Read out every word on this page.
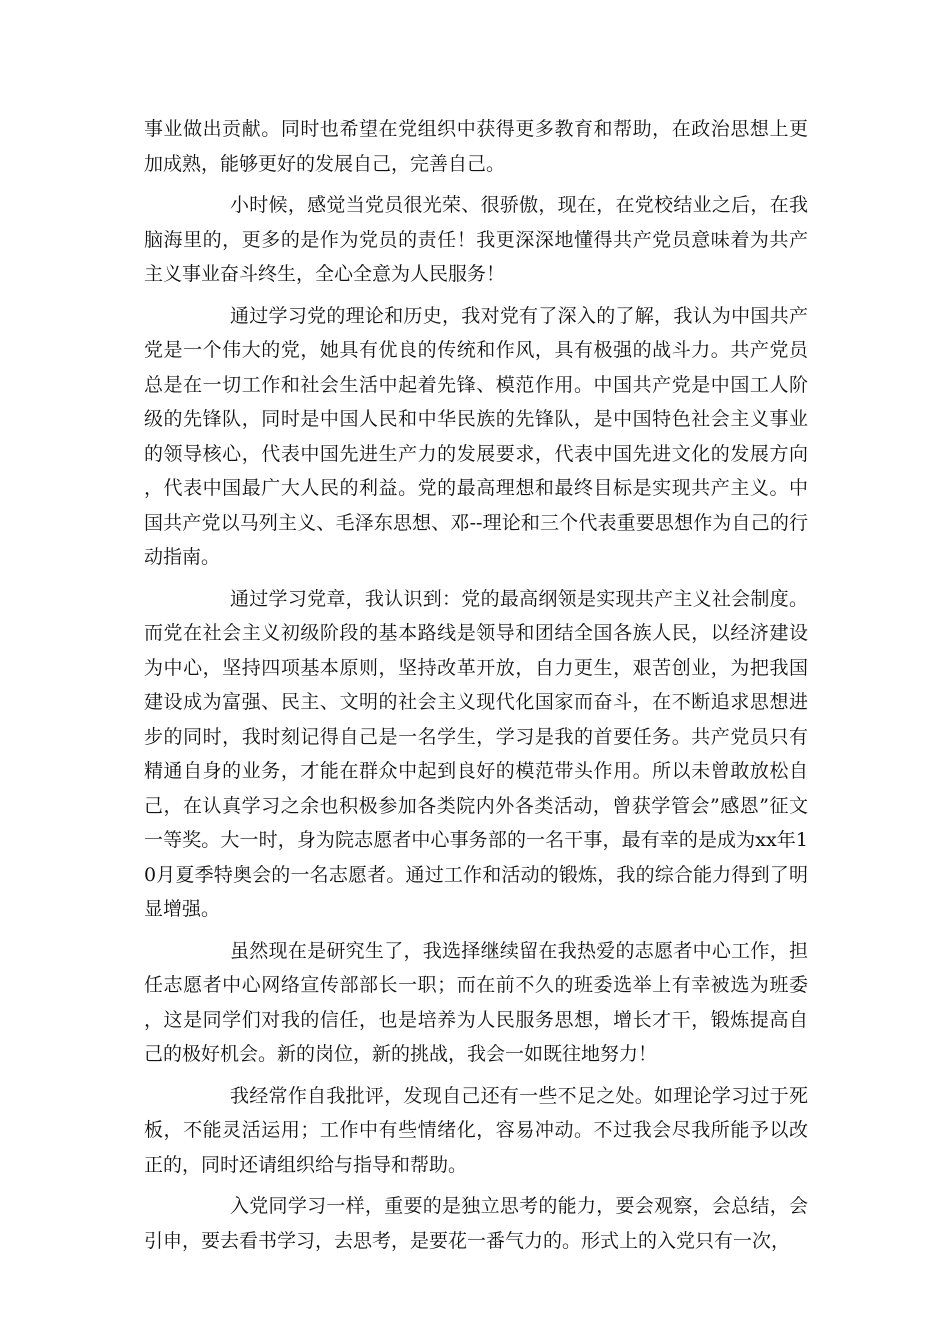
事业做出贡献。同时也希望在党组织中获得更多教育和帮助，在政治思想上更加成熟，能够更好的发展自己，完善自己。

小时候，感觉当党员很光荣、很骄傲，现在，在党校结业之后，在我脑海里的，更多的是作为党员的责任！我更深深地懂得共产党员意味着为共产主义事业奋斗终生，全心全意为人民服务！

通过学习党的理论和历史，我对党有了深入的了解，我认为中国共产党是一个伟大的党，她具有优良的传统和作风，具有极强的战斗力。共产党员总是在一切工作和社会生活中起着先锋、模范作用。中国共产党是中国工人阶级的先锋队，同时是中国人民和中华民族的先锋队，是中国特色社会主义事业的领导核心，代表中国先进生产力的发展要求，代表中国先进文化的发展方向，代表中国最广大人民的利益。党的最高理想和最终目标是实现共产主义。中国共产党以马列主义、毛泽东思想、邓--理论和三个代表重要思想作为自己的行动指南。

通过学习党章，我认识到：党的最高纲领是实现共产主义社会制度。而党在社会主义初级阶段的基本路线是领导和团结全国各族人民，以经济建设为中心，坚持四项基本原则，坚持改革开放，自力更生，艰苦创业，为把我国建设成为富强、民主、文明的社会主义现代化国家而奋斗，在不断追求思想进步的同时，我时刻记得自己是一名学生，学习是我的首要任务。共产党员只有精通自身的业务，才能在群众中起到良好的模范带头作用。所以未曾敢放松自己，在认真学习之余也积极参加各类院内外各类活动，曾获学管会”感恩”征文一等奖。大一时，身为院志愿者中心事务部的一名干事，最有幸的是成为xx年10月夏季特奥会的一名志愿者。通过工作和活动的锻炼，我的综合能力得到了明显增强。

虽然现在是研究生了，我选择继续留在我热爱的志愿者中心工作，担任志愿者中心网络宣传部部长一职；而在前不久的班委选举上有幸被选为班委，这是同学们对我的信任，也是培养为人民服务思想，增长才干，锻炼提高自己的极好机会。新的岗位，新的挑战，我会一如既往地努力！

我经常作自我批评，发现自己还有一些不足之处。如理论学习过于死板，不能灵活运用；工作中有些情绪化，容易冲动。不过我会尽我所能予以改正的，同时还请组织给与指导和帮助。

入党同学习一样，重要的是独立思考的能力，要会观察，会总结，会引申，要去看书学习，去思考，是要花一番气力的。形式上的入党只有一次，
